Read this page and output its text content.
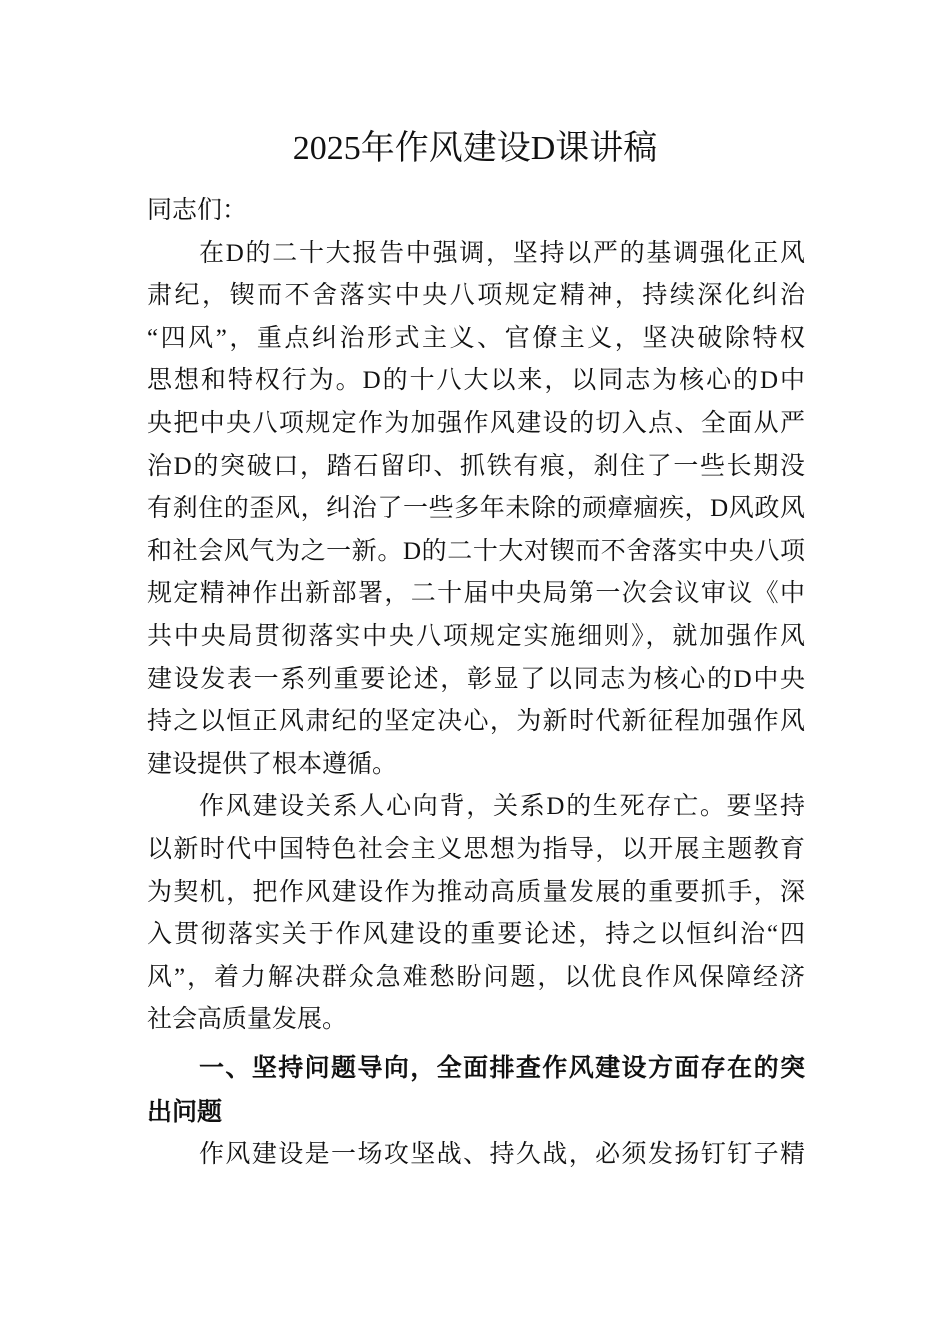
2025年作风建设D课讲稿
同志们：
在D的二十大报告中强调，坚持以严的基调强化正风
肃纪，锲而不舍落实中央八项规定精神，持续深化纠治
“四风”，重点纠治形式主义、官僚主义，坚决破除特权
思想和特权行为。D的十八大以来，以同志为核心的D中
央把中央八项规定作为加强作风建设的切入点、全面从严
治D的突破口，踏石留印、抓铁有痕，刹住了一些长期没
有刹住的歪风，纠治了一些多年未除的顽瘴痼疾，D风政风
和社会风气为之一新。D的二十大对锲而不舍落实中央八项
规定精神作出新部署，二十届中央局第一次会议审议《中
共中央局贯彻落实中央八项规定实施细则》，就加强作风
建设发表一系列重要论述，彰显了以同志为核心的D中央
持之以恒正风肃纪的坚定决心，为新时代新征程加强作风
建设提供了根本遵循。
作风建设关系人心向背，关系D的生死存亡。要坚持
以新时代中国特色社会主义思想为指导，以开展主题教育
为契机，把作风建设作为推动高质量发展的重要抓手，深
入贯彻落实关于作风建设的重要论述，持之以恒纠治“四
风”，着力解决群众急难愁盼问题，以优良作风保障经济
社会高质量发展。
一、坚持问题导向，全面排查作风建设方面存在的突
出问题
作风建设是一场攻坚战、持久战，必须发扬钉钉子精
